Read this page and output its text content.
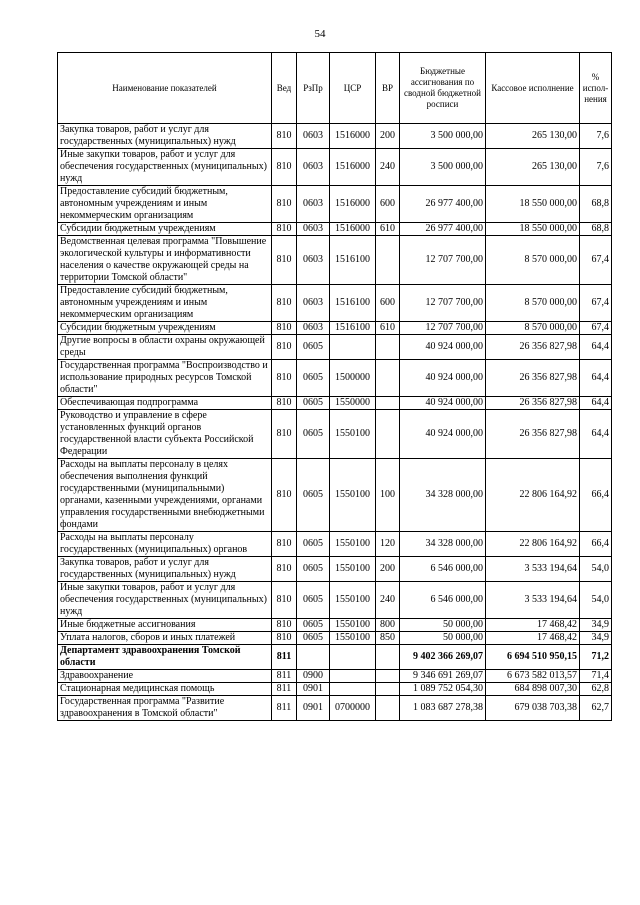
54
Наименование показателей	Вед	РзПр	ЦСР	ВР	Бюджетные ассигнования по сводной бюджетной росписи	Кассовое исполнение	% испол-нения
Закупка товаров, работ и услуг для государственных (муниципальных) нужд	810	0603	1516000	200	3 500 000,00	265 130,00	7,6
Иные закупки товаров, работ и услуг для обеспечения государственных (муниципальных) нужд	810	0603	1516000	240	3 500 000,00	265 130,00	7,6
Предоставление субсидий бюджетным, автономным учреждениям и иным некоммерческим организациям	810	0603	1516000	600	26 977 400,00	18 550 000,00	68,8
Субсидии бюджетным учреждениям	810	0603	1516000	610	26 977 400,00	18 550 000,00	68,8
Ведомственная целевая программа "Повышение экологической культуры и информативности населения о качестве окружающей среды на территории Томской области"	810	0603	1516100		12 707 700,00	8 570 000,00	67,4
Предоставление субсидий бюджетным, автономным учреждениям и иным некоммерческим организациям	810	0603	1516100	600	12 707 700,00	8 570 000,00	67,4
Субсидии бюджетным учреждениям	810	0603	1516100	610	12 707 700,00	8 570 000,00	67,4
Другие вопросы в области охраны окружающей среды	810	0605			40 924 000,00	26 356 827,98	64,4
Государственная программа "Воспроизводство и использование природных ресурсов Томской области"	810	0605	1500000		40 924 000,00	26 356 827,98	64,4
Обеспечивающая подпрограмма	810	0605	1550000		40 924 000,00	26 356 827,98	64,4
Руководство и управление в сфере установленных функций органов государственной власти субъекта Российской Федерации	810	0605	1550100		40 924 000,00	26 356 827,98	64,4
Расходы на выплаты персоналу в целях обеспечения выполнения функций государственными (муниципальными) органами, казенными учреждениями, органами управления государственными внебюджетными фондами	810	0605	1550100	100	34 328 000,00	22 806 164,92	66,4
Расходы на выплаты персоналу государственных (муниципальных) органов	810	0605	1550100	120	34 328 000,00	22 806 164,92	66,4
Закупка товаров, работ и услуг для государственных (муниципальных) нужд	810	0605	1550100	200	6 546 000,00	3 533 194,64	54,0
Иные закупки товаров, работ и услуг для обеспечения государственных (муниципальных) нужд	810	0605	1550100	240	6 546 000,00	3 533 194,64	54,0
Иные бюджетные ассигнования	810	0605	1550100	800	50 000,00	17 468,42	34,9
Уплата налогов, сборов и иных платежей	810	0605	1550100	850	50 000,00	17 468,42	34,9
Департамент здравоохранения Томской области	811				9 402 366 269,07	6 694 510 950,15	71,2
Здравоохранение	811	0900			9 346 691 269,07	6 673 582 013,57	71,4
Стационарная медицинская помощь	811	0901			1 089 752 054,30	684 898 007,30	62,8
Государственная программа "Развитие здравоохранения в Томской области"	811	0901	0700000		1 083 687 278,38	679 038 703,38	62,7
